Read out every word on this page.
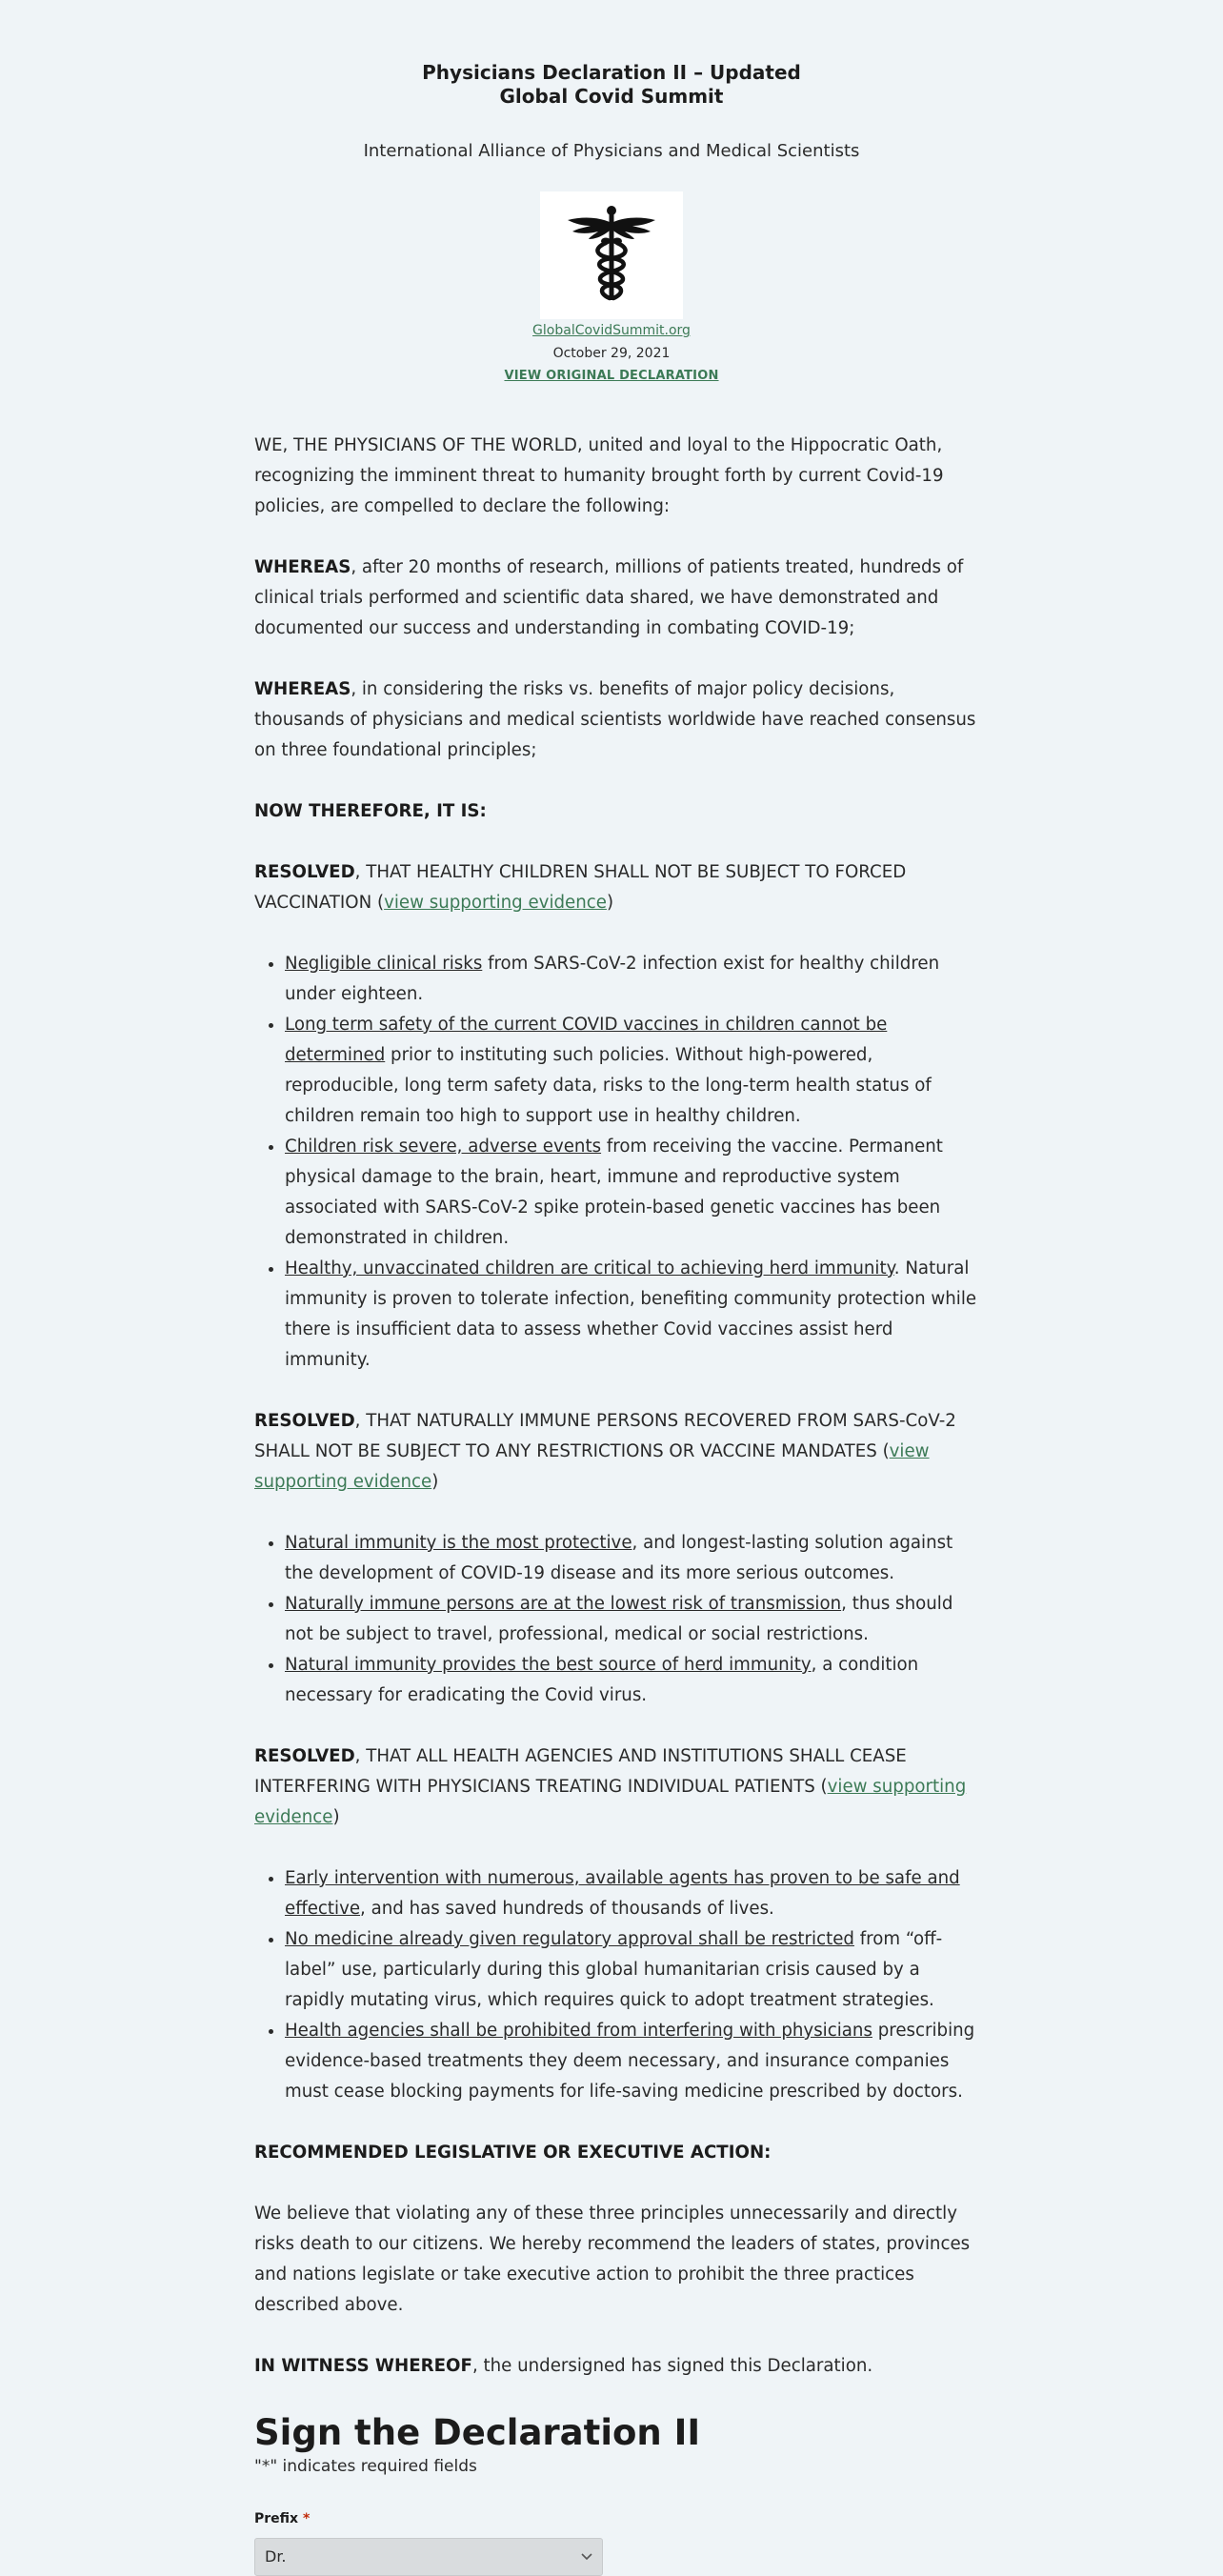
Physicians Declaration II – Updated
Global Covid Summit

International Alliance of Physicians and Medical Scientists

GlobalCovidSummit.org
October 29, 2021
VIEW ORIGINAL DECLARATION

WE, THE PHYSICIANS OF THE WORLD, united and loyal to the Hippocratic Oath, recognizing the imminent threat to humanity brought forth by current Covid-19 policies, are compelled to declare the following:

WHEREAS, after 20 months of research, millions of patients treated, hundreds of clinical trials performed and scientific data shared, we have demonstrated and documented our success and understanding in combating COVID-19;

WHEREAS, in considering the risks vs. benefits of major policy decisions, thousands of physicians and medical scientists worldwide have reached consensus on three foundational principles;

NOW THEREFORE, IT IS:

RESOLVED, THAT HEALTHY CHILDREN SHALL NOT BE SUBJECT TO FORCED VACCINATION (view supporting evidence)

• Negligible clinical risks from SARS-CoV-2 infection exist for healthy children under eighteen.
• Long term safety of the current COVID vaccines in children cannot be determined prior to instituting such policies. Without high-powered, reproducible, long term safety data, risks to the long-term health status of children remain too high to support use in healthy children.
• Children risk severe, adverse events from receiving the vaccine. Permanent physical damage to the brain, heart, immune and reproductive system associated with SARS-CoV-2 spike protein-based genetic vaccines has been demonstrated in children.
• Healthy, unvaccinated children are critical to achieving herd immunity. Natural immunity is proven to tolerate infection, benefiting community protection while there is insufficient data to assess whether Covid vaccines assist herd immunity.

RESOLVED, THAT NATURALLY IMMUNE PERSONS RECOVERED FROM SARS-CoV-2 SHALL NOT BE SUBJECT TO ANY RESTRICTIONS OR VACCINE MANDATES (view supporting evidence)

• Natural immunity is the most protective, and longest-lasting solution against the development of COVID-19 disease and its more serious outcomes.
• Naturally immune persons are at the lowest risk of transmission, thus should not be subject to travel, professional, medical or social restrictions.
• Natural immunity provides the best source of herd immunity, a condition necessary for eradicating the Covid virus.

RESOLVED, THAT ALL HEALTH AGENCIES AND INSTITUTIONS SHALL CEASE INTERFERING WITH PHYSICIANS TREATING INDIVIDUAL PATIENTS (view supporting evidence)

• Early intervention with numerous, available agents has proven to be safe and effective, and has saved hundreds of thousands of lives.
• No medicine already given regulatory approval shall be restricted from “off-label” use, particularly during this global humanitarian crisis caused by a rapidly mutating virus, which requires quick to adopt treatment strategies.
• Health agencies shall be prohibited from interfering with physicians prescribing evidence-based treatments they deem necessary, and insurance companies must cease blocking payments for life-saving medicine prescribed by doctors.

RECOMMENDED LEGISLATIVE OR EXECUTIVE ACTION:

We believe that violating any of these three principles unnecessarily and directly risks death to our citizens. We hereby recommend the leaders of states, provinces and nations legislate or take executive action to prohibit the three practices described above.

IN WITNESS WHEREOF, the undersigned has signed this Declaration.

Sign the Declaration II

"*" indicates required fields

Prefix *
Dr.
